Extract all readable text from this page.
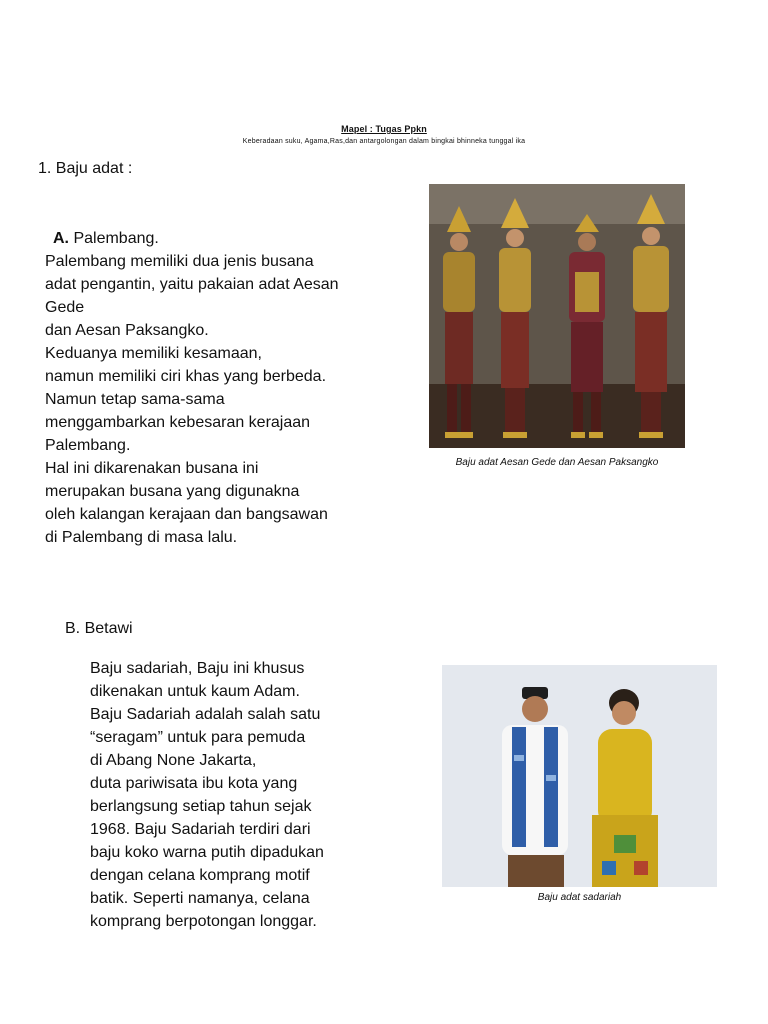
Mapel : Tugas Ppkn
Keberadaan suku, Agama,Ras,dan antargolongan dalam bingkai bhinneka tunggal ika
1. Baju adat :

A. Palembang.

Palembang memiliki dua jenis busana
adat pengantin, yaitu pakaian adat Aesan
Gede
dan Aesan Paksangko.
Keduanya memiliki kesamaan,
namun memiliki ciri khas yang berbeda.
Namun tetap sama-sama
menggambarkan kebesaran kerajaan
Palembang.
Hal ini dikarenakan busana ini
merupakan busana yang digunakna
oleh kalangan kerajaan dan bangsawan
di Palembang di masa lalu.

Baju adat Aesan Gede dan Aesan Paksangko
B. Betawi
Baju sadariah, Baju ini khusus
dikenakan untuk kaum Adam.
Baju Sadariah adalah salah satu
“seragam” untuk para pemuda
di Abang None Jakarta,
duta pariwisata ibu kota yang
berlangsung setiap tahun sejak
1968. Baju Sadariah terdiri dari
baju koko warna putih dipadukan
dengan celana komprang motif
batik. Seperti namanya, celana
komprang berpotongan longgar.
Baju adat sadariah
